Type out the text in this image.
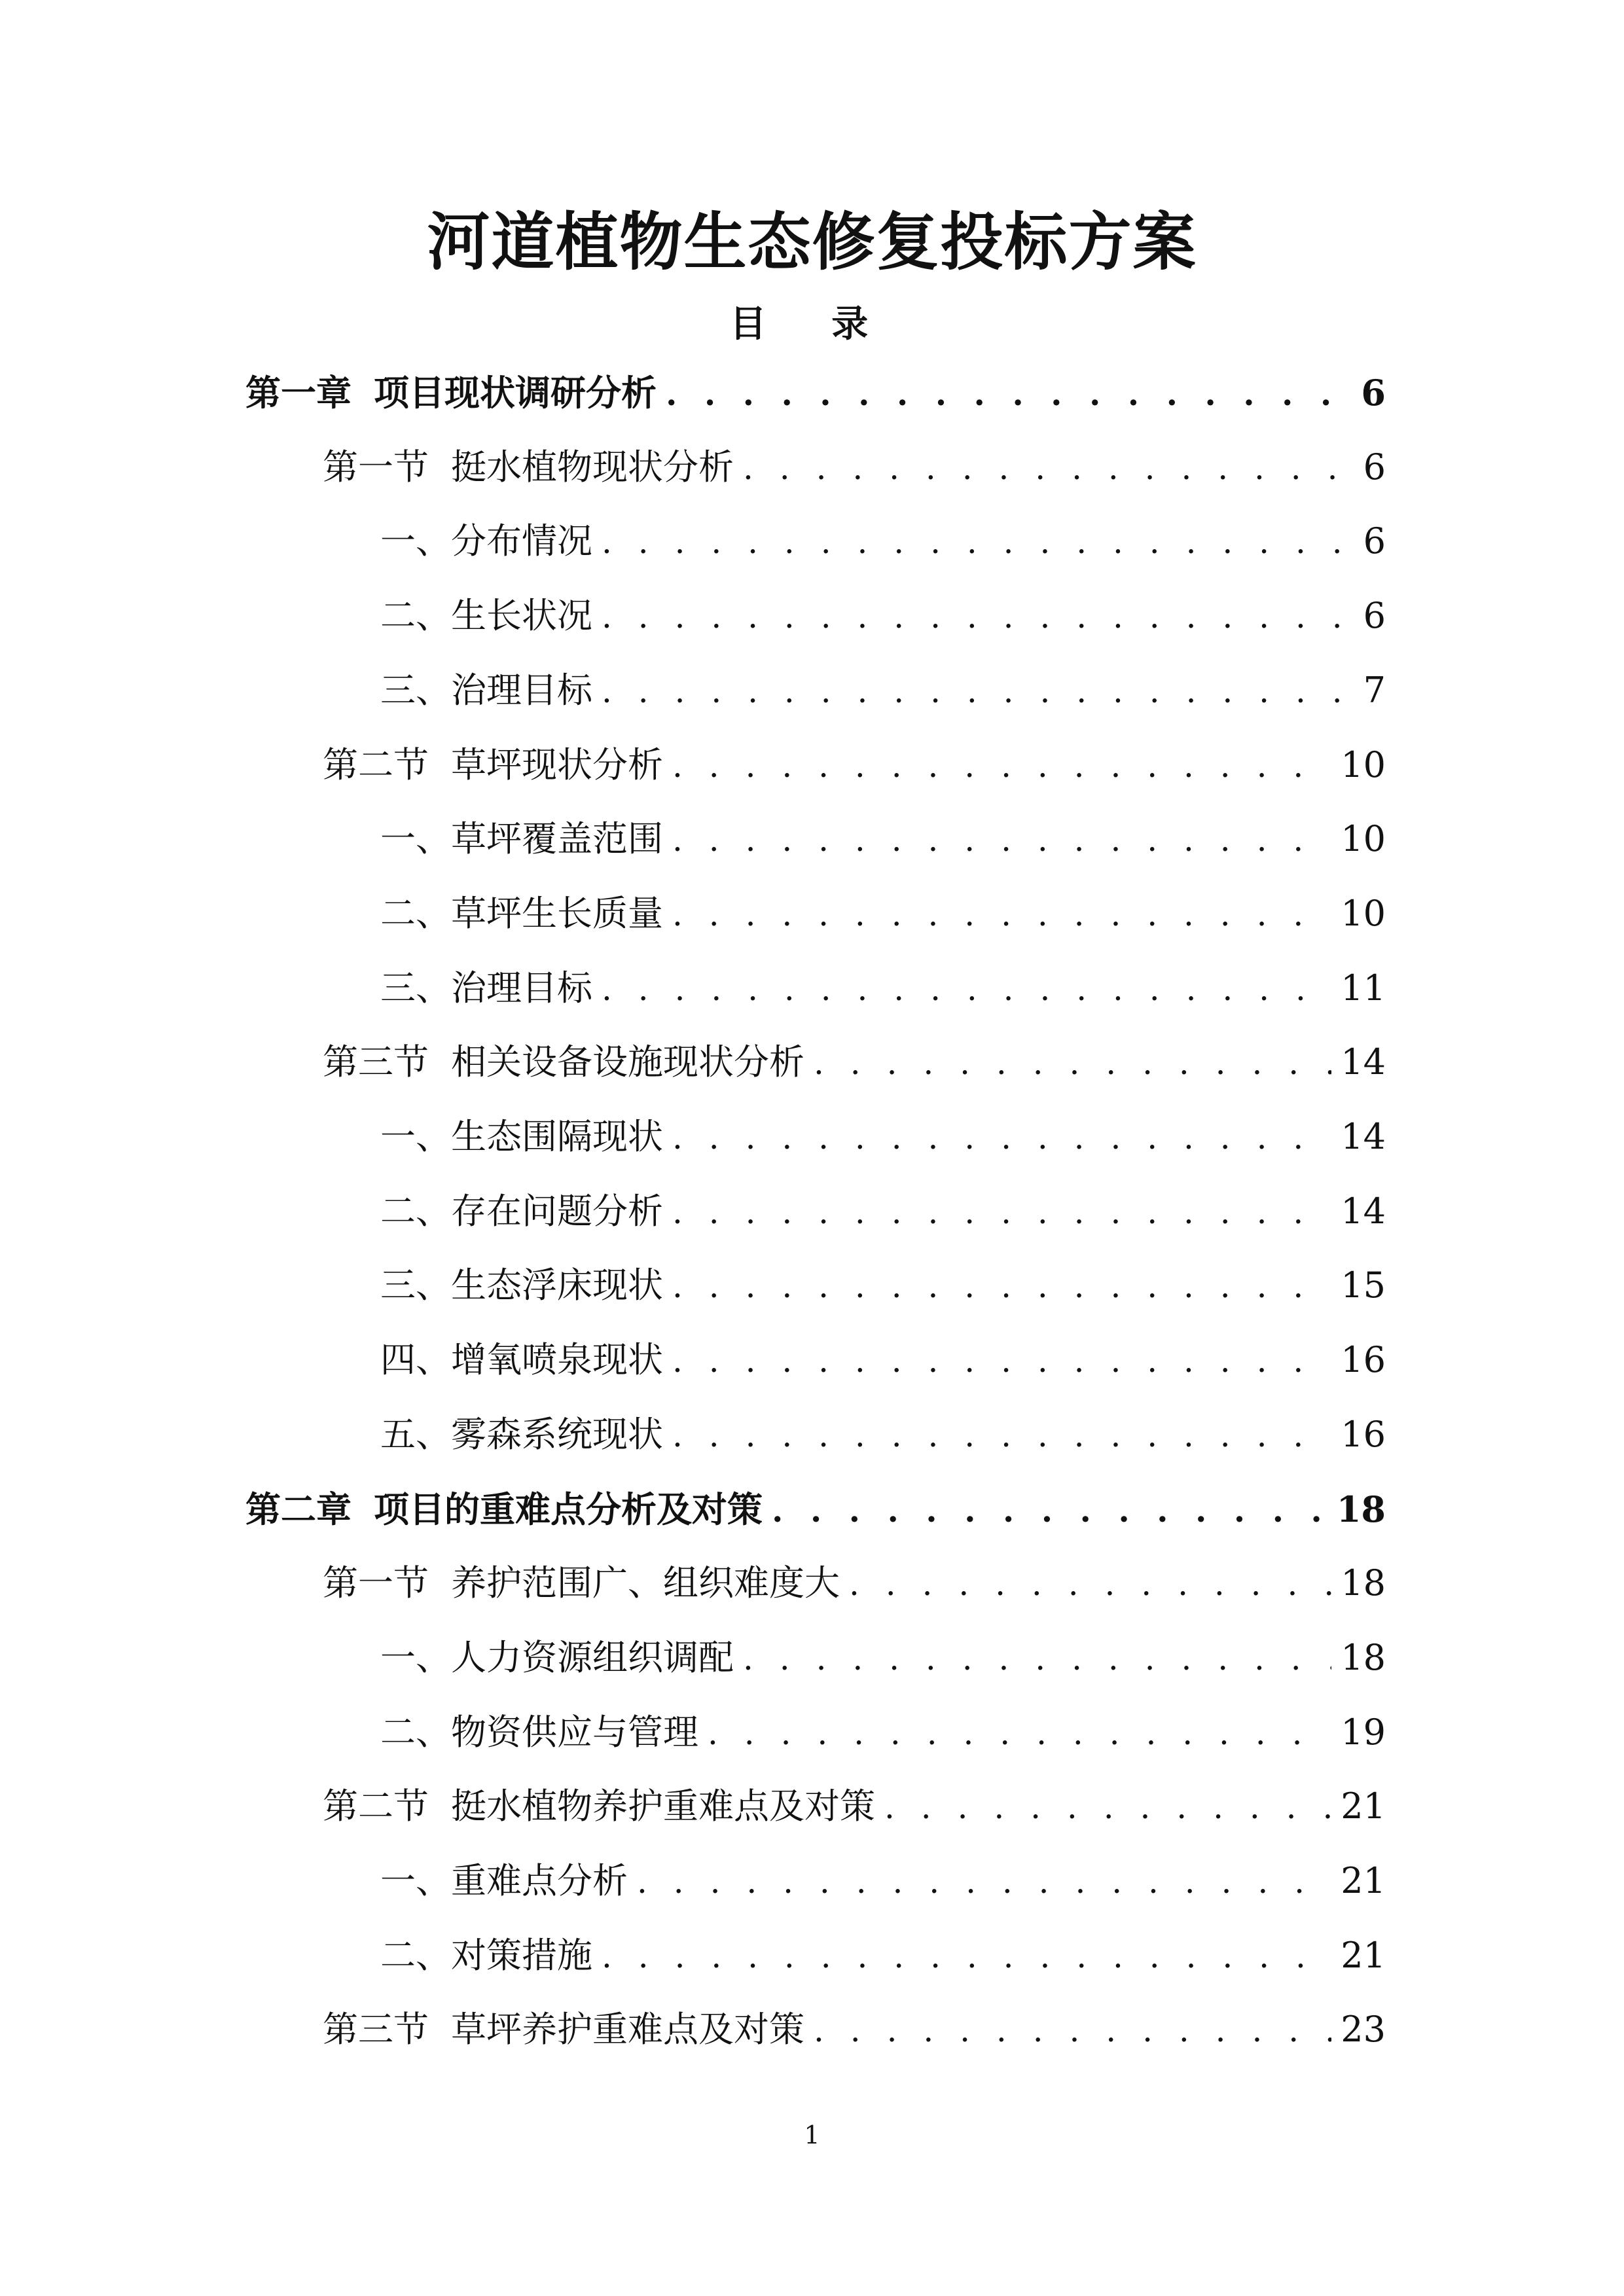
河道植物生态修复投标方案
目 录
第一章 项目现状调研分析 . . .	6
第一节 挺水植物现状分析 . . .	6
一、分布情况 . . .	6
二、生长状况 . . .	6
三、治理目标 . . .	7
第二节 草坪现状分析 . . .	10
一、草坪覆盖范围 . . .	10
二、草坪生长质量 . . .	10
三、治理目标 . . .	11
第三节 相关设备设施现状分析 . . .	14
一、生态围隔现状 . . .	14
二、存在问题分析 . . .	14
三、生态浮床现状 . . .	15
四、增氧喷泉现状 . . .	16
五、雾森系统现状 . . .	16
第二章 项目的重难点分析及对策 . . .	18
第一节 养护范围广、组织难度大 . . .	18
一、人力资源组织调配 . . .	18
二、物资供应与管理 . . .	19
第二节 挺水植物养护重难点及对策 . . .	21
一、重难点分析 . . .	21
二、对策措施 . . .	21
第三节 草坪养护重难点及对策 . . .	23
1
